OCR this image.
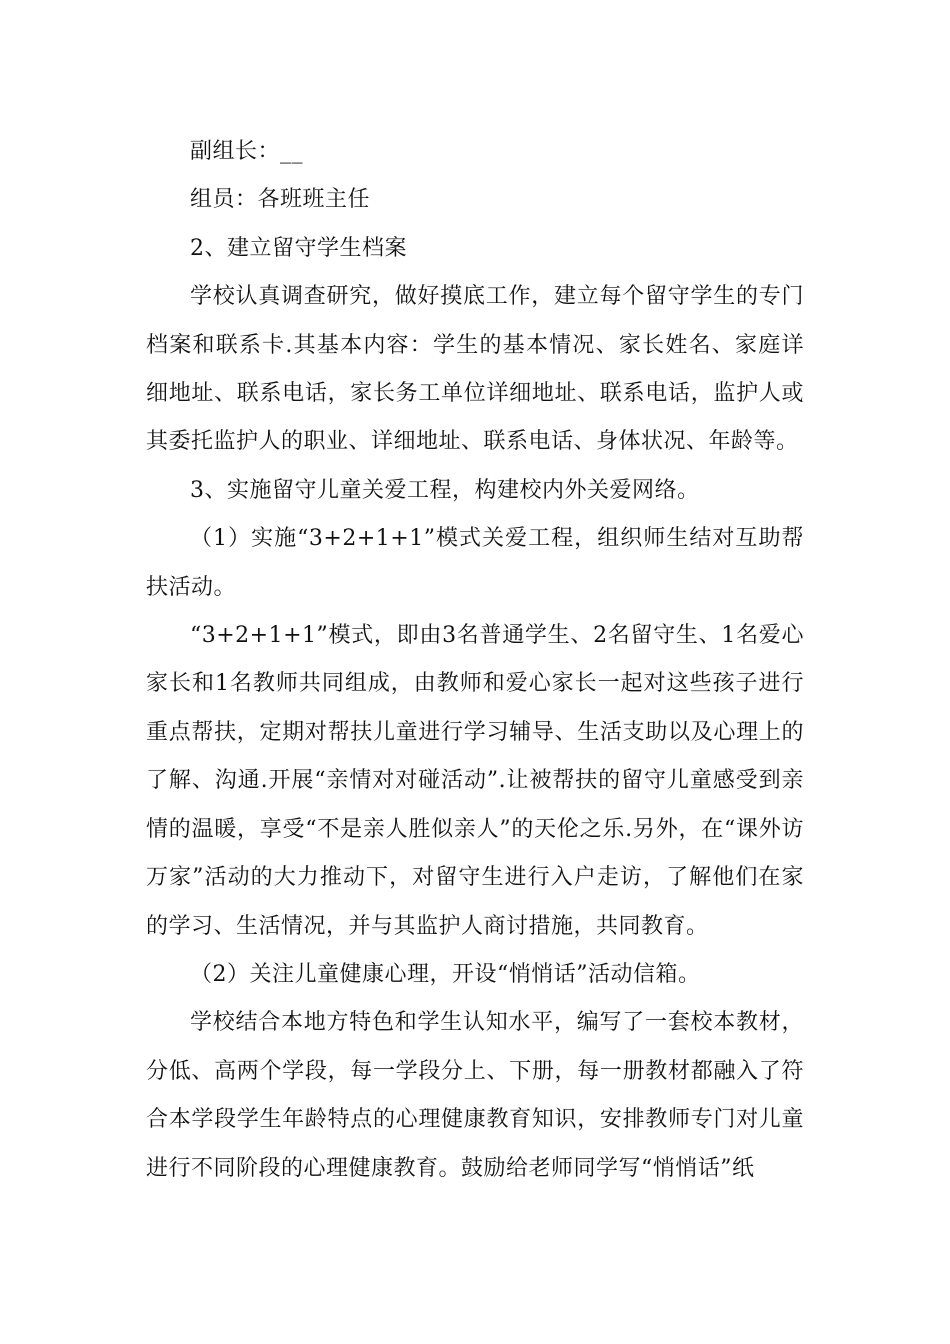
副组长：__

组员：各班班主任

2、建立留守学生档案

学校认真调查研究，做好摸底工作，建立每个留守学生的专门档案和联系卡.其基本内容：学生的基本情况、家长姓名、家庭详细地址、联系电话，家长务工单位详细地址、联系电话，监护人或其委托监护人的职业、详细地址、联系电话、身体状况、年龄等。

3、实施留守儿童关爱工程，构建校内外关爱网络。

（1）实施“3+2+1+1”模式关爱工程，组织师生结对互助帮扶活动。

“3+2+1+1”模式，即由3名普通学生、2名留守生、1名爱心家长和1名教师共同组成，由教师和爱心家长一起对这些孩子进行重点帮扶，定期对帮扶儿童进行学习辅导、生活支助以及心理上的了解、沟通.开展“亲情对对碰活动”.让被帮扶的留守儿童感受到亲情的温暖，享受“不是亲人胜似亲人”的天伦之乐.另外，在“课外访万家”活动的大力推动下，对留守生进行入户走访，了解他们在家的学习、生活情况，并与其监护人商讨措施，共同教育。

（2）关注儿童健康心理，开设“悄悄话”活动信箱。

学校结合本地方特色和学生认知水平，编写了一套校本教材，分低、高两个学段，每一学段分上、下册，每一册教材都融入了符合本学段学生年龄特点的心理健康教育知识，安排教师专门对儿童进行不同阶段的心理健康教育。鼓励给老师同学写“悄悄话”纸
